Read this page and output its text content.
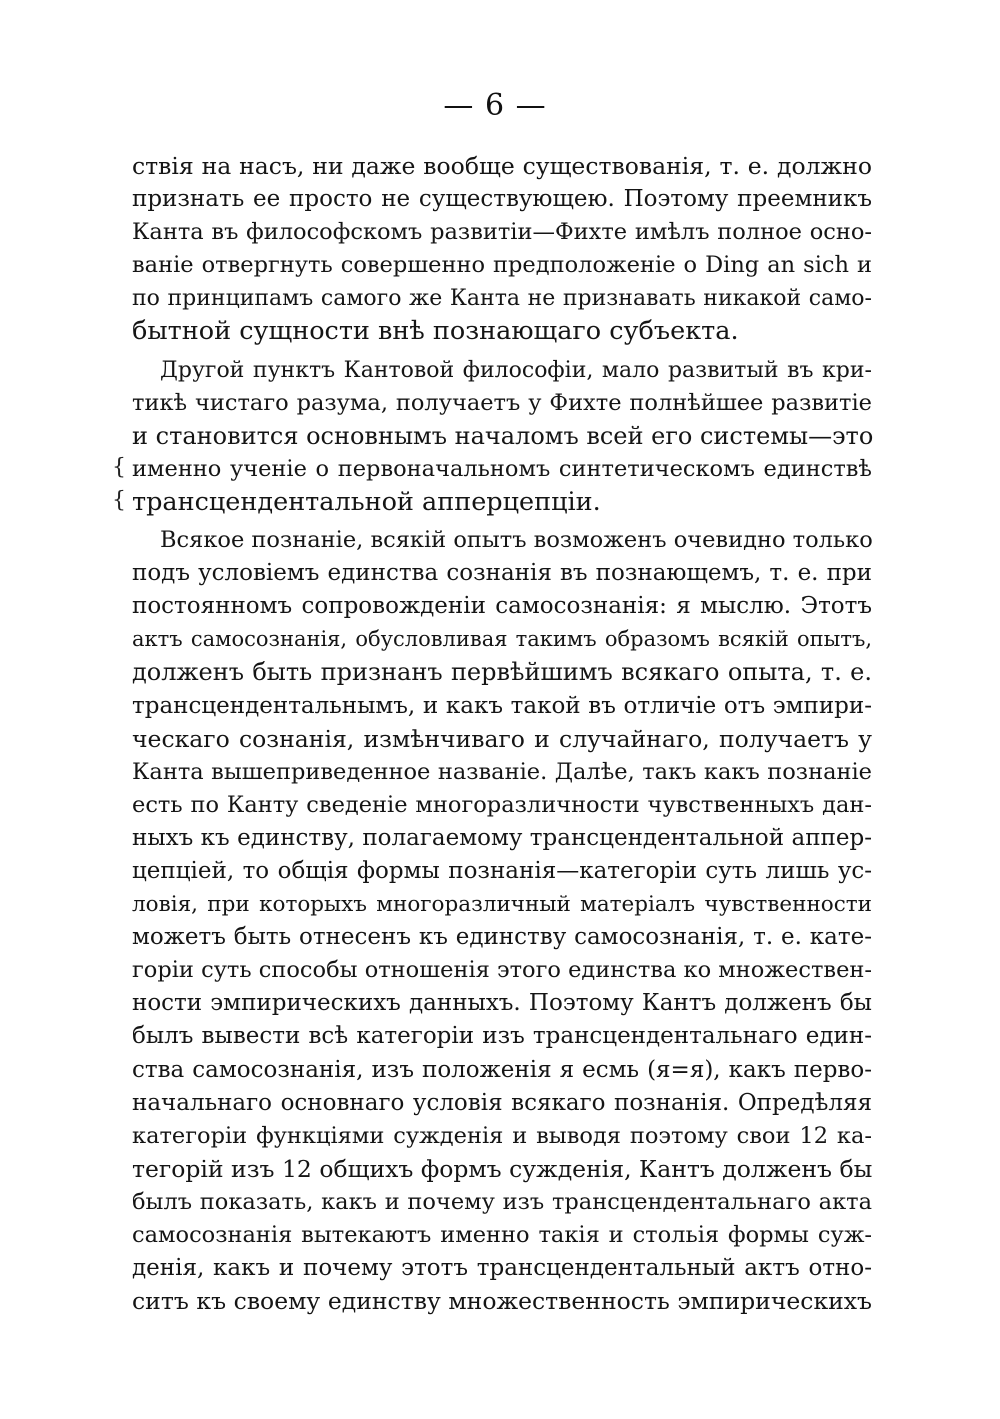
— 6 —
{
{
ствія на насъ, ни даже вообще существованія, т. е. должно
признать ее просто не существующею. Поэтому преемникъ
Канта въ философскомъ развитіи—Фихте имѣлъ полное осно-
ваніе отвергнуть совершенно предположеніе о Ding an sich и
по принципамъ самого же Канта не признавать никакой само-
бытной сущности внѣ познающаго субъекта.
Другой пунктъ Кантовой философіи, мало развитый въ кри-
тикѣ чистаго разума, получаетъ у Фихте полнѣйшее развитіе
и становится основнымъ началомъ всей его системы—это
именно ученіе о первоначальномъ синтетическомъ единствѣ
трансцендентальной апперцепціи.
Всякое познаніе, всякій опытъ возможенъ очевидно только
подъ условіемъ единства сознанія въ познающемъ, т. е. при
постоянномъ сопровожденіи самосознанія: я мыслю. Этотъ
актъ самосознанія, обусловливая такимъ образомъ всякій опытъ,
долженъ быть признанъ первѣйшимъ всякаго опыта, т. е.
трансцендентальнымъ, и какъ такой въ отличіе отъ эмпири-
ческаго сознанія, измѣнчиваго и случайнаго, получаетъ у
Канта вышеприведенное названіе. Далѣе, такъ какъ познаніе
есть по Канту сведеніе многоразличности чувственныхъ дан-
ныхъ къ единству, полагаемому трансцендентальной аппер-
цепціей, то общія формы познанія—категоріи суть лишь ус-
ловія, при которыхъ многоразличный матеріалъ чувственности
можетъ быть отнесенъ къ единству самосознанія, т. е. кате-
горіи суть способы отношенія этого единства ко множествен-
ности эмпирическихъ данныхъ. Поэтому Кантъ долженъ бы
былъ вывести всѣ категоріи изъ трансцендентальнаго един-
ства самосознанія, изъ положенія я есмь (я=я), какъ перво-
начальнаго основнаго условія всякаго познанія. Опредѣляя
категоріи функціями сужденія и выводя поэтому свои 12 ка-
тегорій изъ 12 общихъ формъ сужденія, Кантъ долженъ бы
былъ показать, какъ и почему изъ трансцендентальнаго акта
самосознанія вытекаютъ именно такія и стольія формы суж-
денія, какъ и почему этотъ трансцендентальный актъ отно-
ситъ къ своему единству множественность эмпирическихъ
